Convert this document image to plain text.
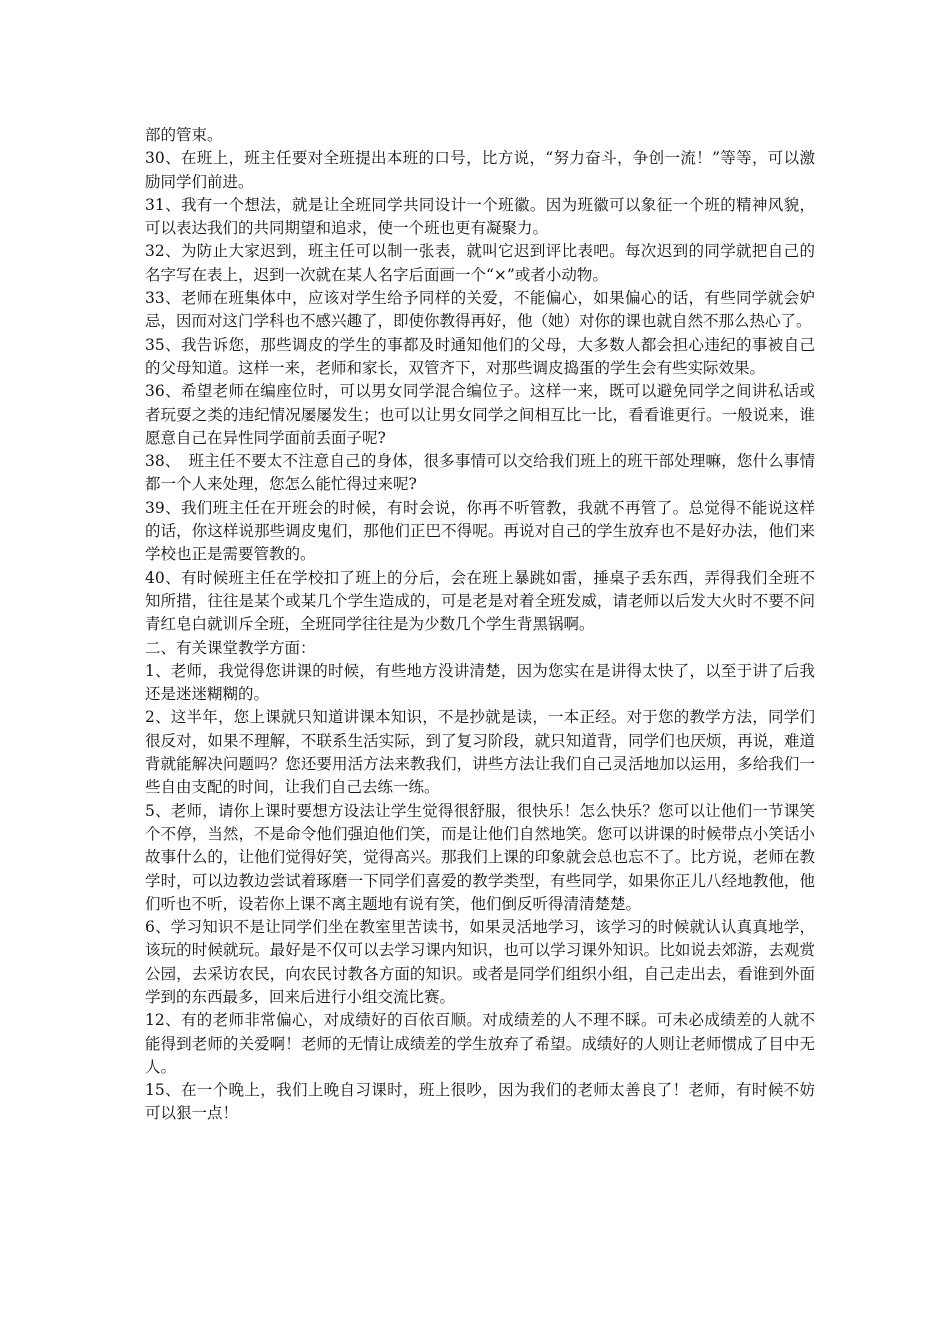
部的管束。

30、在班上，班主任要对全班提出本班的口号，比方说，“努力奋斗，争创一流！”等等，可以激励同学们前进。

31、我有一个想法，就是让全班同学共同设计一个班徽。因为班徽可以象征一个班的精神风貌，可以表达我们的共同期望和追求，使一个班也更有凝聚力。

32、为防止大家迟到，班主任可以制一张表，就叫它迟到评比表吧。每次迟到的同学就把自己的名字写在表上，迟到一次就在某人名字后面画一个“×”或者小动物。

33、老师在班集体中，应该对学生给予同样的关爱，不能偏心，如果偏心的话，有些同学就会妒忌，因而对这门学科也不感兴趣了，即使你教得再好，他（她）对你的课也就自然不那么热心了。

35、我告诉您，那些调皮的学生的事都及时通知他们的父母，大多数人都会担心违纪的事被自己的父母知道。这样一来，老师和家长，双管齐下，对那些调皮捣蛋的学生会有些实际效果。

36、希望老师在编座位时，可以男女同学混合编位子。这样一来，既可以避免同学之间讲私话或者玩耍之类的违纪情况屡屡发生；也可以让男女同学之间相互比一比，看看谁更行。一般说来，谁愿意自己在异性同学面前丢面子呢?

38、　班主任不要太不注意自己的身体，很多事情可以交给我们班上的班干部处理嘛，您什么事情都一个人来处理，您怎么能忙得过来呢?

39、我们班主任在开班会的时候，有时会说，你再不听管教，我就不再管了。总觉得不能说这样的话，你这样说那些调皮鬼们，那他们正巴不得呢。再说对自己的学生放弃也不是好办法，他们来学校也正是需要管教的。

40、有时候班主任在学校扣了班上的分后，会在班上暴跳如雷，捶桌子丢东西，弄得我们全班不知所措，往往是某个或某几个学生造成的，可是老是对着全班发威，请老师以后发大火时不要不问青红皂白就训斥全班，全班同学往往是为少数几个学生背黑锅啊。

二、有关课堂教学方面：

1、老师，我觉得您讲课的时候，有些地方没讲清楚，因为您实在是讲得太快了，以至于讲了后我还是迷迷糊糊的。

2、这半年，您上课就只知道讲课本知识，不是抄就是读，一本正经。对于您的教学方法，同学们很反对，如果不理解，不联系生活实际，到了复习阶段，就只知道背，同学们也厌烦，再说，难道背就能解决问题吗？您还要用活方法来教我们，讲些方法让我们自己灵活地加以运用，多给我们一些自由支配的时间，让我们自己去练一练。

5、老师，请你上课时要想方设法让学生觉得很舒服，很快乐！怎么快乐？您可以让他们一节课笑个不停，当然，不是命令他们强迫他们笑，而是让他们自然地笑。您可以讲课的时候带点小笑话小故事什么的，让他们觉得好笑，觉得高兴。那我们上课的印象就会总也忘不了。比方说，老师在教学时，可以边教边尝试着琢磨一下同学们喜爱的教学类型，有些同学，如果你正儿八经地教他，他们听也不听，设若你上课不离主题地有说有笑，他们倒反听得清清楚楚。

6、学习知识不是让同学们坐在教室里苦读书，如果灵活地学习，该学习的时候就认认真真地学，该玩的时候就玩。最好是不仅可以去学习课内知识，也可以学习课外知识。比如说去郊游，去观赏公园，去采访农民，向农民讨教各方面的知识。或者是同学们组织小组，自己走出去，看谁到外面学到的东西最多，回来后进行小组交流比赛。

12、有的老师非常偏心，对成绩好的百依百顺。对成绩差的人不理不睬。可未必成绩差的人就不能得到老师的关爱啊！老师的无情让成绩差的学生放弃了希望。成绩好的人则让老师惯成了目中无人。

15、在一个晚上，我们上晚自习课时，班上很吵，因为我们的老师太善良了！老师，有时候不妨可以狠一点！
